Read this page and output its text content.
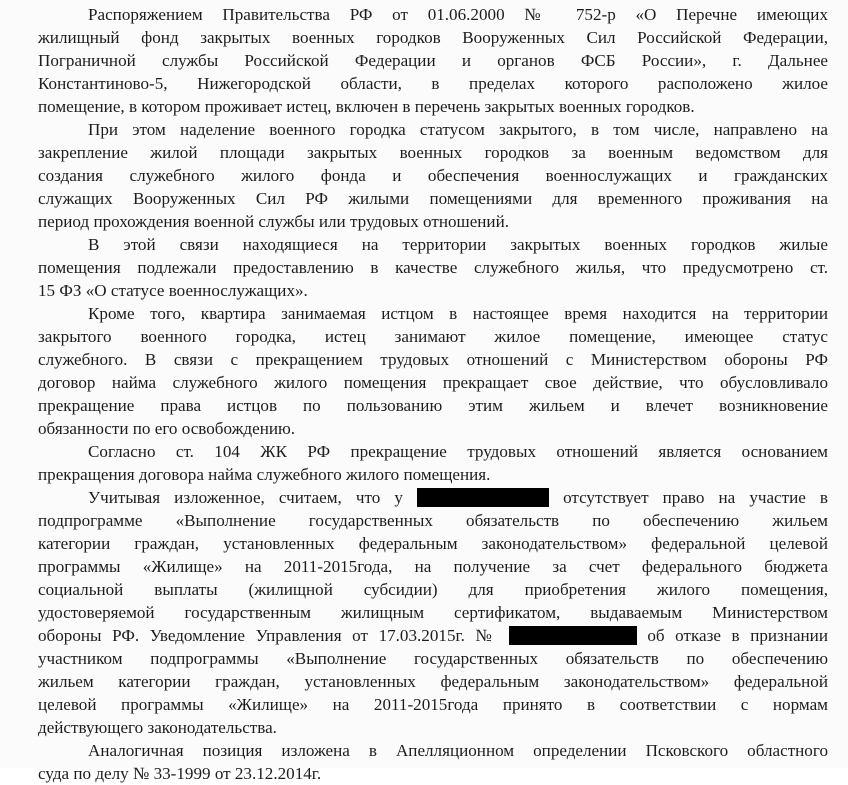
Распоряжением Правительства РФ от 01.06.2000 № 752-р «О Перечне имеющих
жилищный фонд закрытых военных городков Вооруженных Сил Российской Федерации,
Пограничной службы Российской Федерации и органов ФСБ России», г. Дальнее
Константиново-5, Нижегородской области, в пределах которого расположено жилое
помещение, в котором проживает истец, включен в перечень закрытых военных городков.
При этом наделение военного городка статусом закрытого, в том числе, направлено на
закрепление жилой площади закрытых военных городков за военным ведомством для
создания служебного жилого фонда и обеспечения военнослужащих и гражданских
служащих Вооруженных Сил РФ жилыми помещениями для временного проживания на
период прохождения военной службы или трудовых отношений.
В этой связи находящиеся на территории закрытых военных городков жилые
помещения подлежали предоставлению в качестве служебного жилья, что предусмотрено ст.
15 ФЗ «О статусе военнослужащих».
Кроме того, квартира занимаемая истцом в настоящее время находится на территории
закрытого военного городка, истец занимают жилое помещение, имеющее статус
служебного. В связи с прекращением трудовых отношений с Министерством обороны РФ
договор найма служебного жилого помещения прекращает свое действие, что обусловливало
прекращение права истцов по пользованию этим жильем и влечет возникновение
обязанности по его освобождению.
Согласно ст. 104 ЖК РФ прекращение трудовых отношений является основанием
прекращения договора найма служебного жилого помещения.
Учитывая изложенное, считаем, что у	отсутствует право на участие в
подпрограмме «Выполнение государственных обязательств по обеспечению жильем
категории граждан, установленных федеральным законодательством» федеральной целевой
программы «Жилище» на 2011-2015года, на получение за счет федерального бюджета
социальной выплаты (жилищной субсидии) для приобретения жилого помещения,
удостоверяемой государственным жилищным сертификатом, выдаваемым Министерством
обороны РФ. Уведомление Управления от 17.03.2015г. №	об отказе в признании
участником подпрограммы «Выполнение государственных обязательств по обеспечению
жильем категории граждан, установленных федеральным законодательством» федеральной
целевой программы «Жилище» на 2011-2015года принято в соответствии с нормам
действующего законодательства.
Аналогичная позиция изложена в Апелляционном определении Псковского областного
суда по делу № 33-1999 от 23.12.2014г.
